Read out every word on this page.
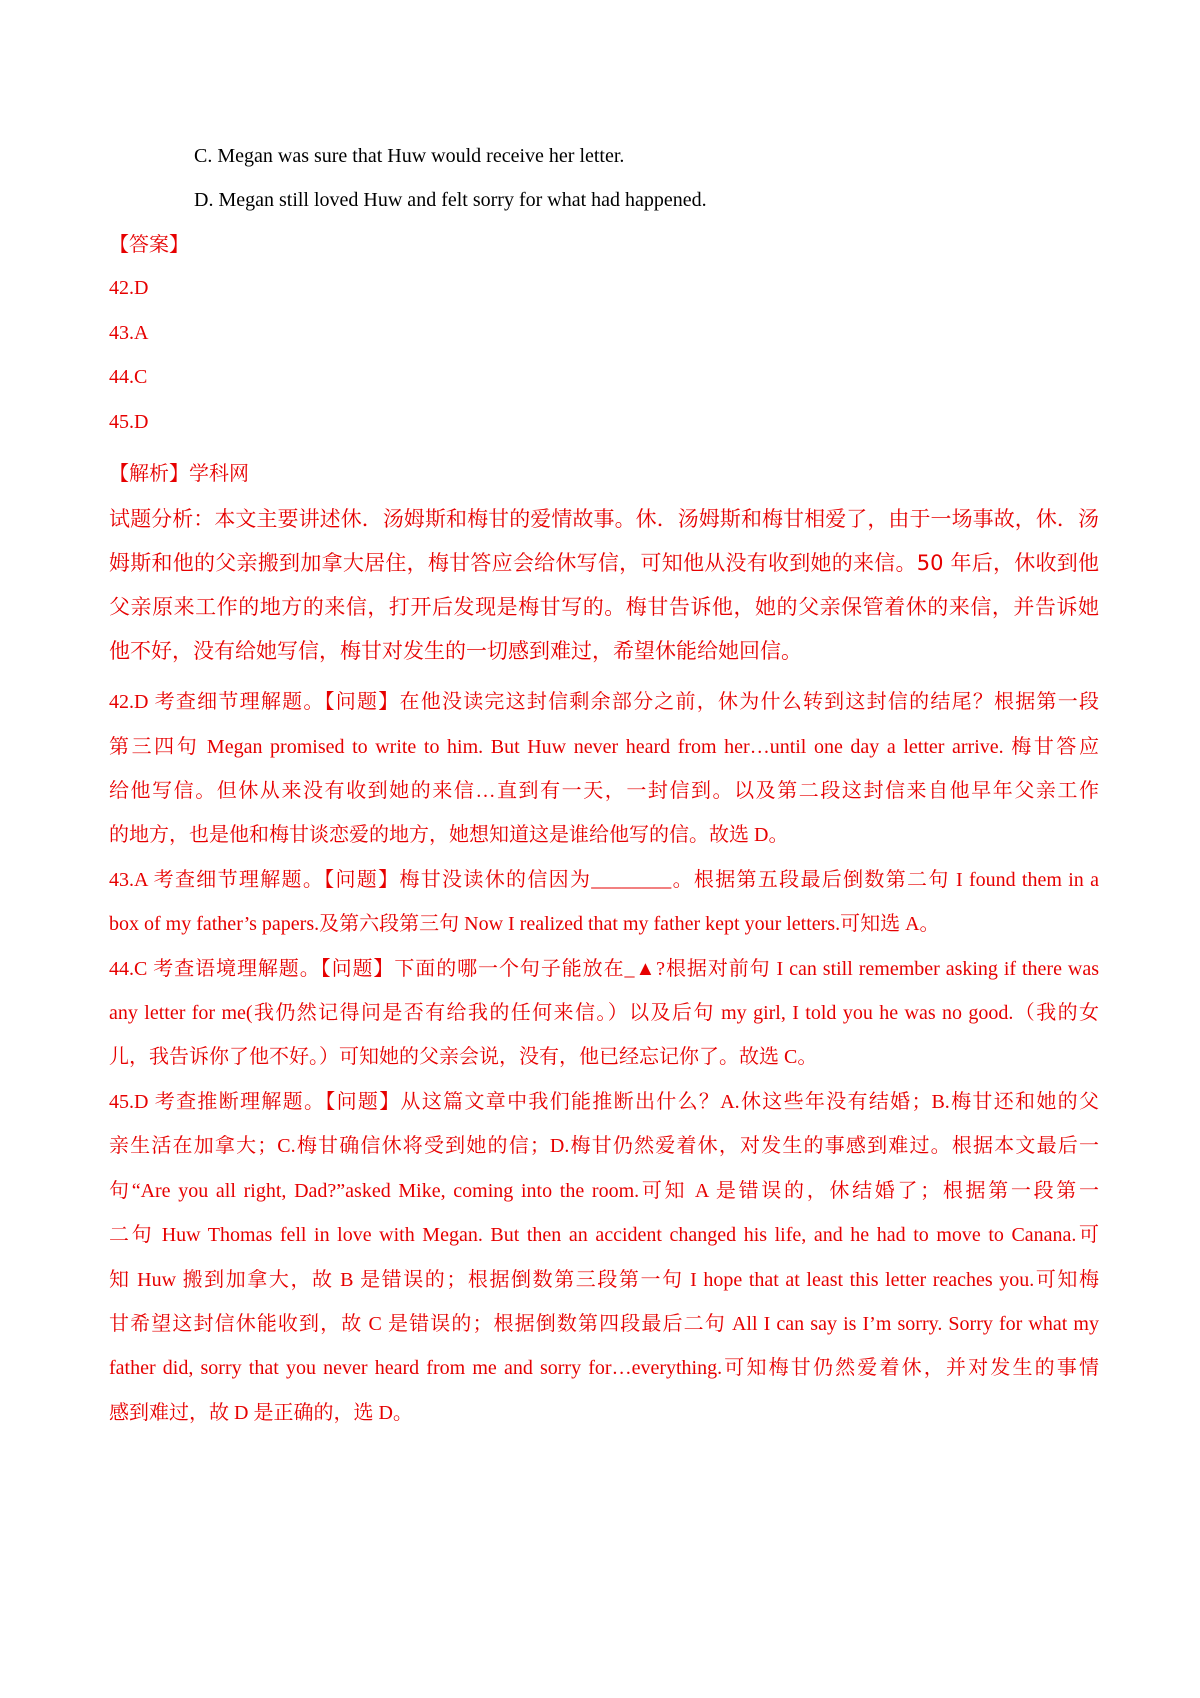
C. Megan was sure that Huw would receive her letter.
D. Megan still loved Huw and felt sorry for what had happened.
【答案】
42.D
43.A
44.C
45.D
【解析】学科网
试题分析：本文主要讲述休．汤姆斯和梅甘的爱情故事。休．汤姆斯和梅甘相爱了，由于一场事故，休．汤
姆斯和他的父亲搬到加拿大居住，梅甘答应会给休写信，可知他从没有收到她的来信。50 年后，休收到他
父亲原来工作的地方的来信，打开后发现是梅甘写的。梅甘告诉他，她的父亲保管着休的来信，并告诉她
他不好，没有给她写信，梅甘对发生的一切感到难过，希望休能给她回信。
42.D 考查细节理解题。【问题】在他没读完这封信剩余部分之前，休为什么转到这封信的结尾？根据第一段
第三四句 Megan promised to write to him. But Huw never heard from her…until one day a letter arrive. 梅甘答应
给他写信。但休从来没有收到她的来信…直到有一天，一封信到。以及第二段这封信来自他早年父亲工作
的地方，也是他和梅甘谈恋爱的地方，她想知道这是谁给他写的信。故选 D。
43.A 考查细节理解题。【问题】梅甘没读休的信因为________。根据第五段最后倒数第二句 I found them in a
box of my father’s papers.及第六段第三句 Now I realized that my father kept your letters.可知选 A。
44.C 考查语境理解题。【问题】下面的哪一个句子能放在_▲?根据对前句 I can still remember asking if there was
any letter for me(我仍然记得问是否有给我的任何来信。）以及后句 my girl, I told you he was no good.（我的女
儿，我告诉你了他不好。）可知她的父亲会说，没有，他已经忘记你了。故选 C。
45.D 考查推断理解题。【问题】从这篇文章中我们能推断出什么？A.休这些年没有结婚；B.梅甘还和她的父
亲生活在加拿大；C.梅甘确信休将受到她的信；D.梅甘仍然爱着休，对发生的事感到难过。根据本文最后一
句“Are you all right, Dad?”asked Mike, coming into the room.可知 A 是错误的，休结婚了；根据第一段第一
二句 Huw Thomas fell in love with Megan. But then an accident changed his life, and he had to move to Canana.可
知 Huw 搬到加拿大，故 B 是错误的；根据倒数第三段第一句 I hope that at least this letter reaches you.可知梅
甘希望这封信休能收到，故 C 是错误的；根据倒数第四段最后二句 All I can say is I’m sorry. Sorry for what my
father did, sorry that you never heard from me and sorry for…everything.可知梅甘仍然爱着休，并对发生的事情
感到难过，故 D 是正确的，选 D。
